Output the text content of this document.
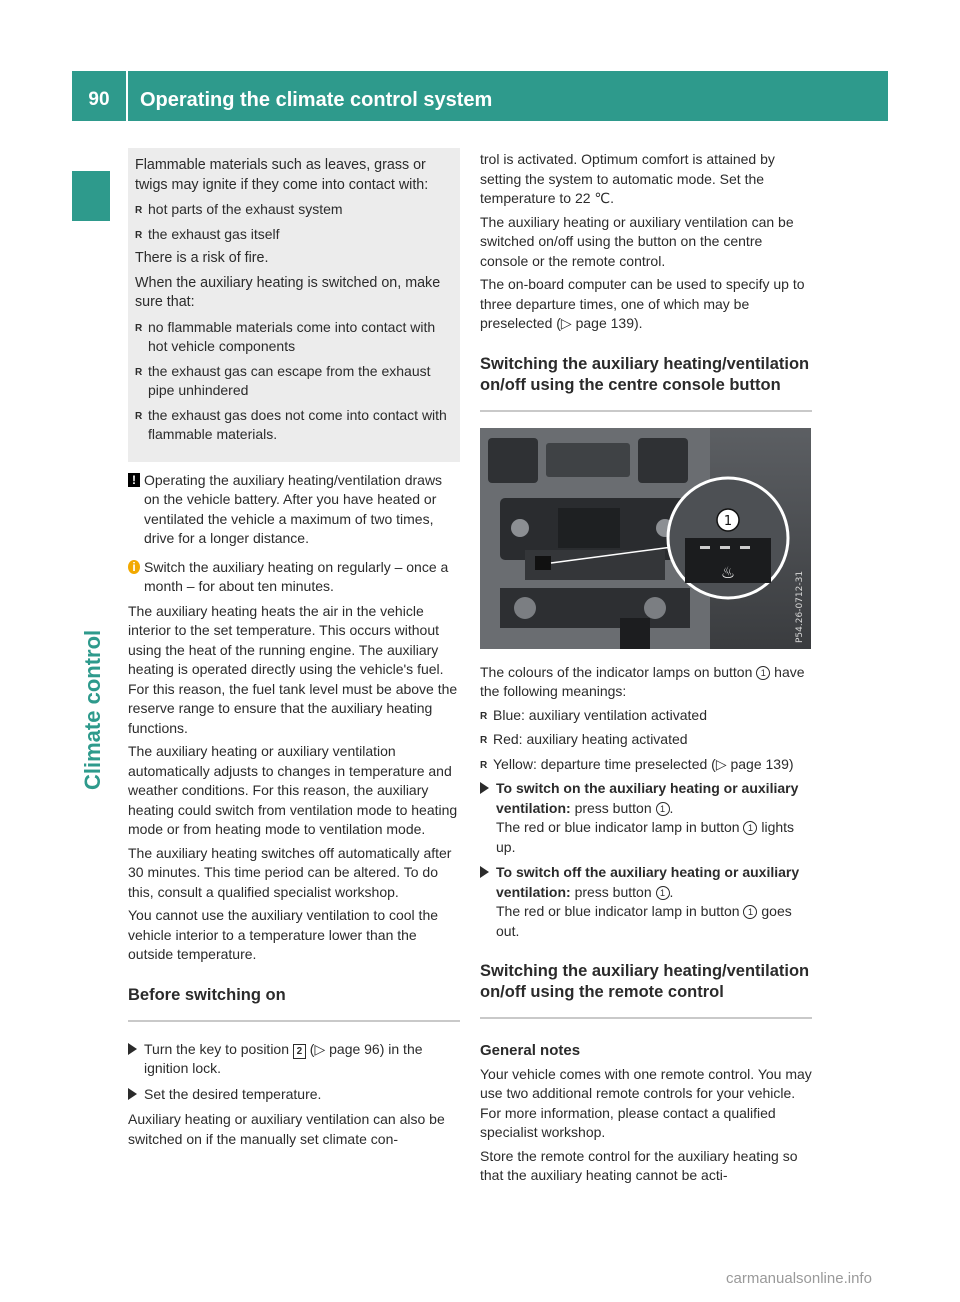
90	Operating the climate control system
Climate control

Flammable materials such as leaves, grass or twigs may ignite if they come into contact with:

R hot parts of the exhaust system
R the exhaust gas itself

There is a risk of fire.

When the auxiliary heating is switched on, make sure that:

R no flammable materials come into contact with hot vehicle components
R the exhaust gas can escape from the exhaust pipe unhindered
R the exhaust gas does not come into contact with flammable materials.
! Operating the auxiliary heating/ventilation draws on the vehicle battery. After you have heated or ventilated the vehicle a maximum of two times, drive for a longer distance.
i Switch the auxiliary heating on regularly – once a month – for about ten minutes.

The auxiliary heating heats the air in the vehicle interior to the set temperature. This occurs without using the heat of the running engine. The auxiliary heating is operated directly using the vehicle's fuel. For this reason, the fuel tank level must be above the reserve range to ensure that the auxiliary heating functions.

The auxiliary heating or auxiliary ventilation automatically adjusts to changes in temperature and weather conditions. For this reason, the auxiliary heating could switch from ventilation mode to heating mode or from heating mode to ventilation mode.

The auxiliary heating switches off automatically after 30 minutes. This time period can be altered. To do this, consult a qualified specialist workshop.

You cannot use the auxiliary ventilation to cool the vehicle interior to a temperature lower than the outside temperature.

Before switching on
Turn the key to position 2 (▷ page 96) in the ignition lock.
Set the desired temperature.

Auxiliary heating or auxiliary ventilation can also be switched on if the manually set climate con-

trol is activated. Optimum comfort is attained by setting the system to automatic mode. Set the temperature to 22 ℃.

The auxiliary heating or auxiliary ventilation can be switched on/off using the button on the centre console or the remote control.

The on-board computer can be used to specify up to three departure times, one of which may be preselected (▷ page 139).

Switching the auxiliary heating/ventilation on/off using the centre console button
♨
1
P54.26-0712-31

The colours of the indicator lamps on button 1 have the following meanings:

R Blue: auxiliary ventilation activated
R Red: auxiliary heating activated
R Yellow: departure time preselected (▷ page 139)
To switch on the auxiliary heating or auxiliary ventilation: press button 1 .
The red or blue indicator lamp in button 1 lights up.
To switch off the auxiliary heating or auxiliary ventilation: press button 1 .
The red or blue indicator lamp in button 1 goes out.
Switching the auxiliary heating/ventilation on/off using the remote control
General notes

Your vehicle comes with one remote control. You may use two additional remote controls for your vehicle. For more information, please contact a qualified specialist workshop.

Store the remote control for the auxiliary heating so that the auxiliary heating cannot be acti-

carmanualsonline.info
